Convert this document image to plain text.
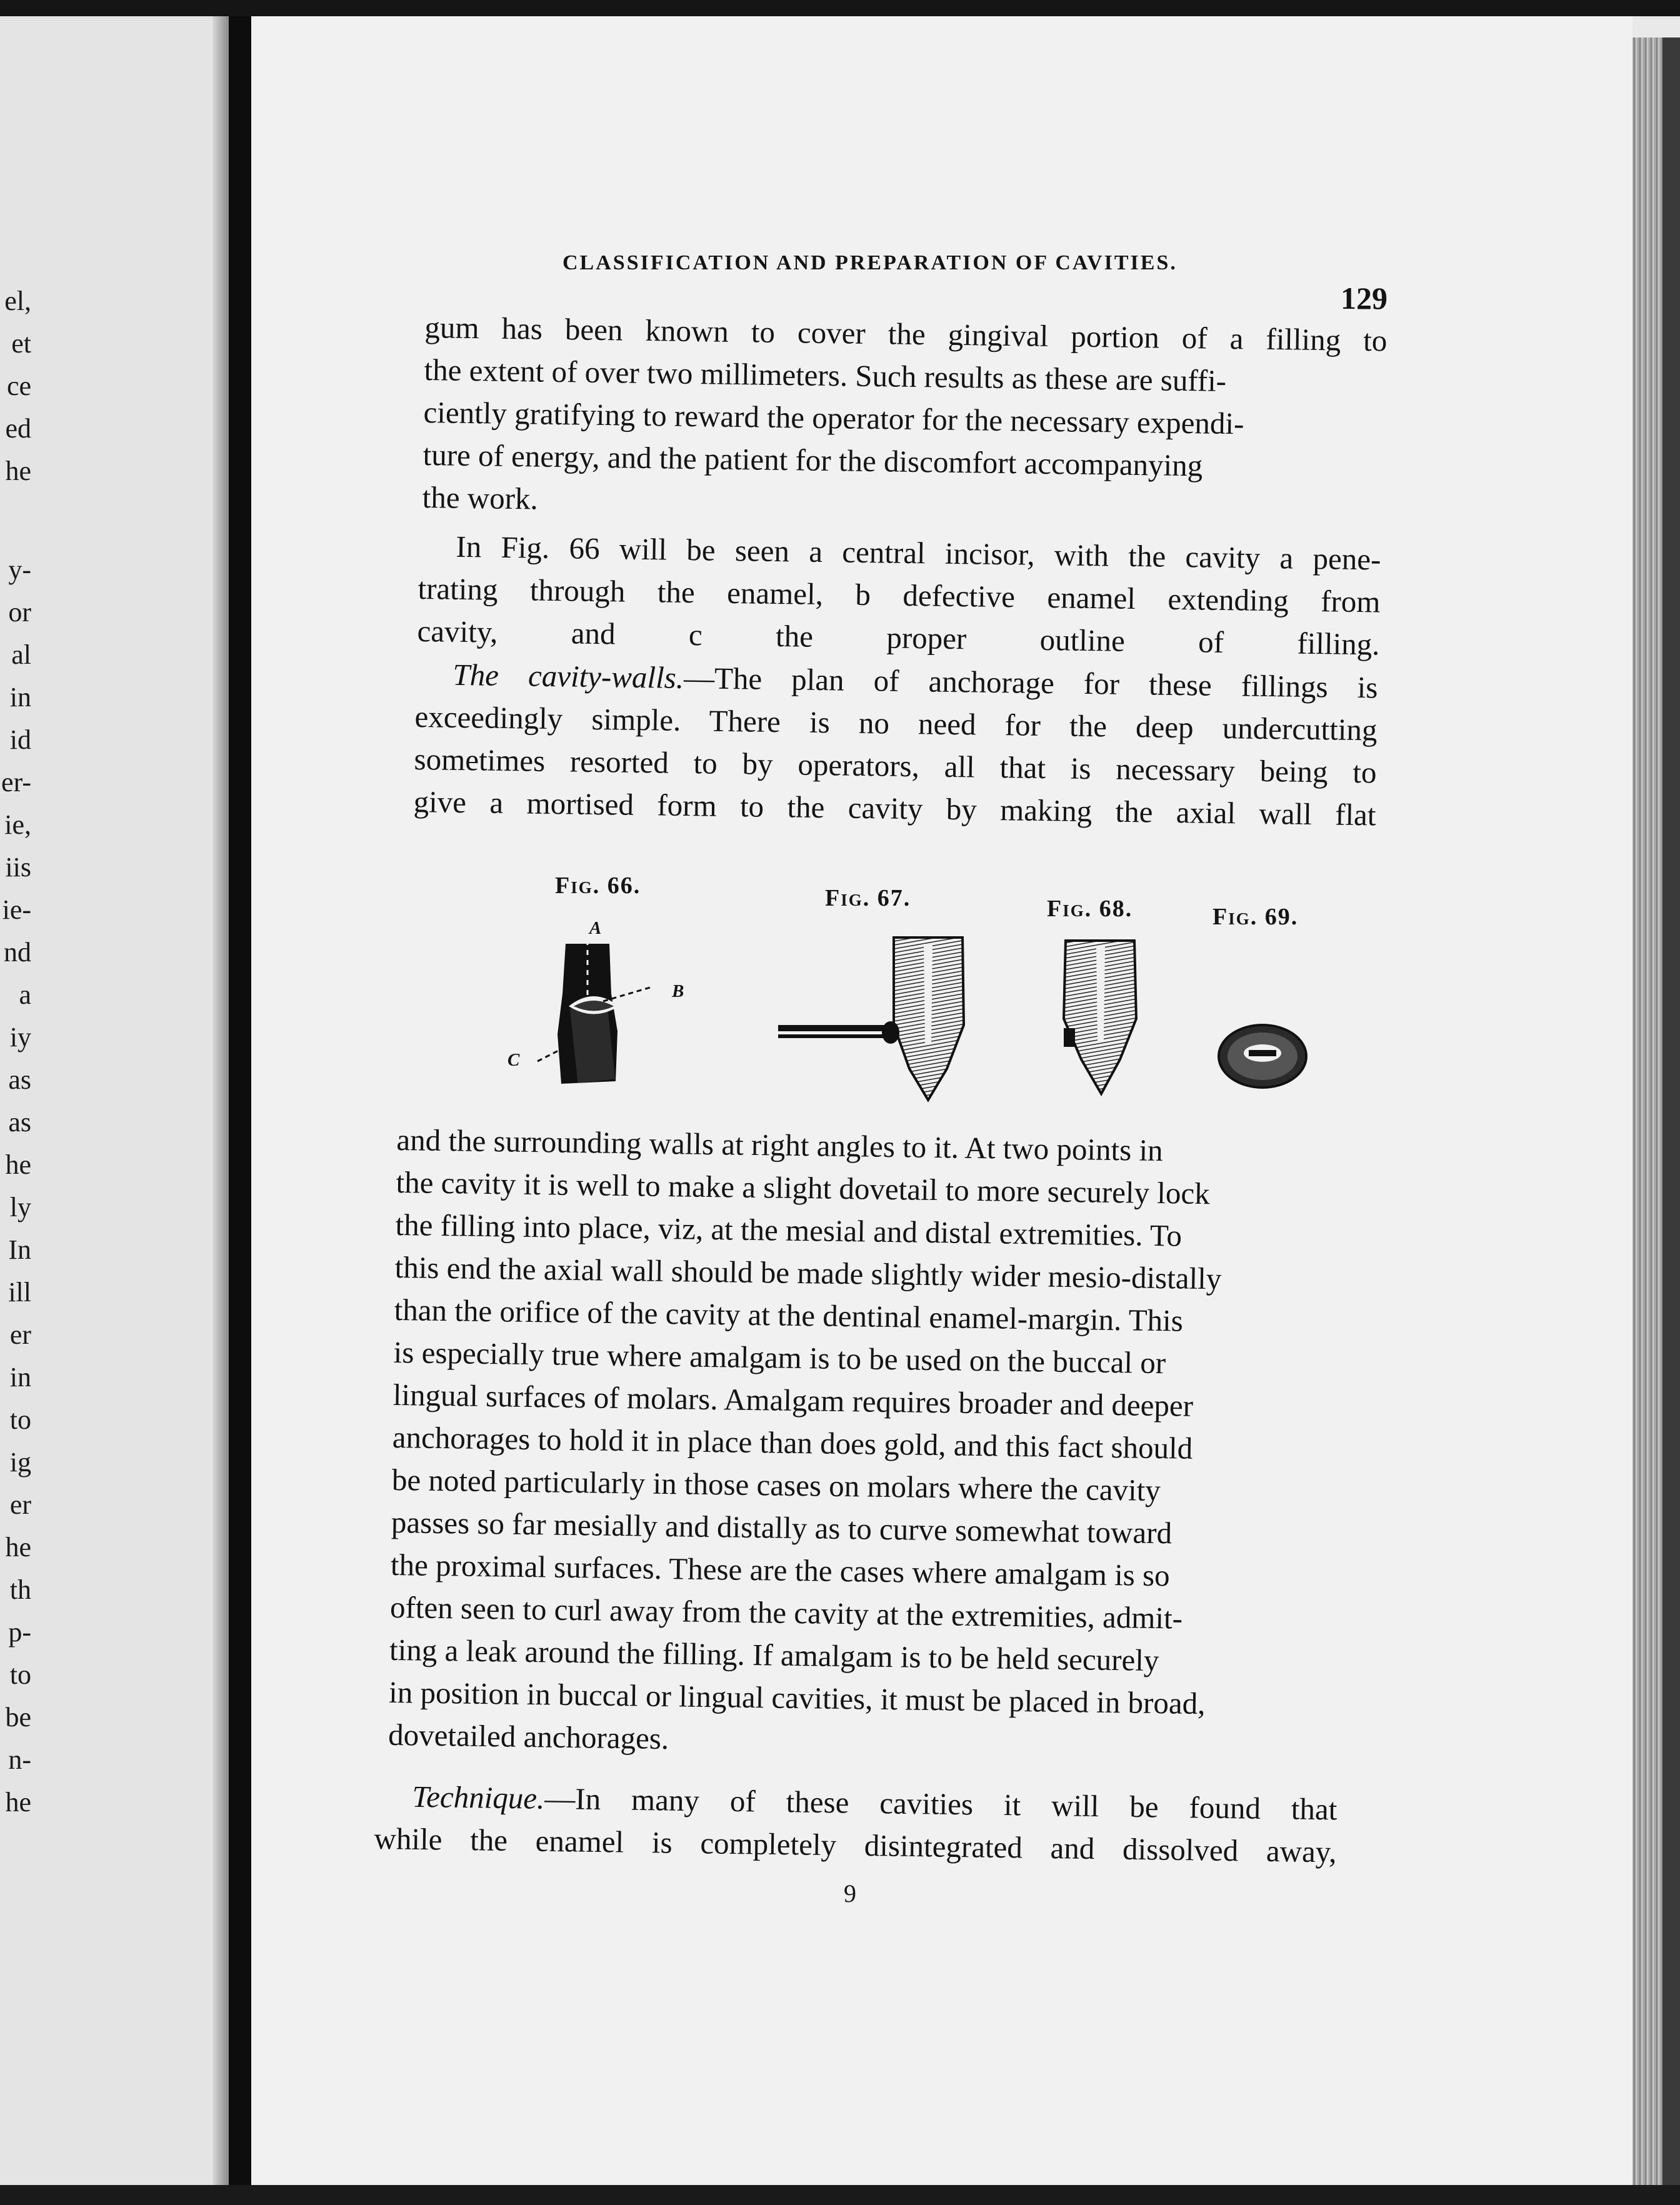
el,
et
ce
ed
he
y-
or
al
in
id
er-
ie,
iis
ie-
nd
a
iy
as
as
he
ly
In
ill
er
in
to
ig
er
he
th
p-
to
be
n-
he
CLASSIFICATION AND PREPARATION OF CAVITIES.
129
gum has been known to cover the gingival portion of a filling to
the extent of over two millimeters. Such results as these are suffi-
ciently gratifying to reward the operator for the necessary expendi-
ture of energy, and the patient for the discomfort accompanying
the work.
In Fig. 66 will be seen a central incisor, with the cavity a pene-
trating through the enamel, b defective enamel extending from
cavity, and c the proper outline of filling.
The cavity-walls.—The plan of anchorage for these fillings is
exceedingly simple. There is no need for the deep undercutting
sometimes resorted to by operators, all that is necessary being to
give a mortised form to the cavity by making the axial wall flat
Fig. 66.	Fig. 67.	Fig. 68.	Fig. 69.
a
b
c
and the surrounding walls at right angles to it. At two points in
the cavity it is well to make a slight dovetail to more securely lock
the filling into place, viz, at the mesial and distal extremities. To
this end the axial wall should be made slightly wider mesio-distally
than the orifice of the cavity at the dentinal enamel-margin. This
is especially true where amalgam is to be used on the buccal or
lingual surfaces of molars. Amalgam requires broader and deeper
anchorages to hold it in place than does gold, and this fact should
be noted particularly in those cases on molars where the cavity
passes so far mesially and distally as to curve somewhat toward
the proximal surfaces. These are the cases where amalgam is so
often seen to curl away from the cavity at the extremities, admit-
ting a leak around the filling. If amalgam is to be held securely
in position in buccal or lingual cavities, it must be placed in broad,
dovetailed anchorages.
Technique.—In many of these cavities it will be found that
while the enamel is completely disintegrated and dissolved away,
9
